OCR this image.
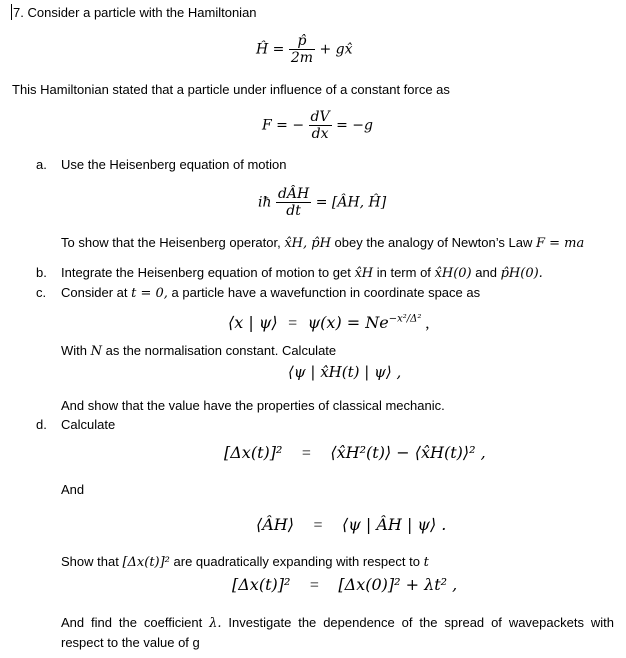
7. Consider a particle with the Hamiltonian
Ĥ = $\frac{p̂}{2m}$ + gx̂
This Hamiltonian stated that a particle under influence of a constant force as
F = − $\frac{dV}{dx} = -g$
a. Use the Heisenberg equation of motion
iħ $\frac{\text{dÂH}}{dt}$ = [ÂH, Ĥ]
To show that the Heisenberg operator, x̂H, p̂H obey the analogy of Newton’s Law F = ma
b. Integrate the Heisenberg equation of motion to get x̂H in term of x̂H(0) and p̂H(0).
c. Consider at t = 0, a particle have a wavefunction in coordinate space as
⟨x | ψ⟩ = $\psi(x) = Ne^{-x^2/\Delta^2}$ ,
With N as the normalisation constant. Calculate
⟨ψ | x̂H(t) | ψ⟩ ,
And show that the value have the properties of classical mechanic.
d. Calculate
[Δx(t)]² = ⟨x̂H²(t)⟩ − ⟨x̂H(t)⟩² ,
And
⟨ÂH⟩ = ⟨ψ | ÂH | ψ⟩ .
Show that [Δx(t)]² are quadratically expanding with respect to t
[Δx(t)]² = [Δx(0)]² + λt² ,
And find the coefficient λ. Investigate the dependence of the spread of wavepackets with respect to the value of g
